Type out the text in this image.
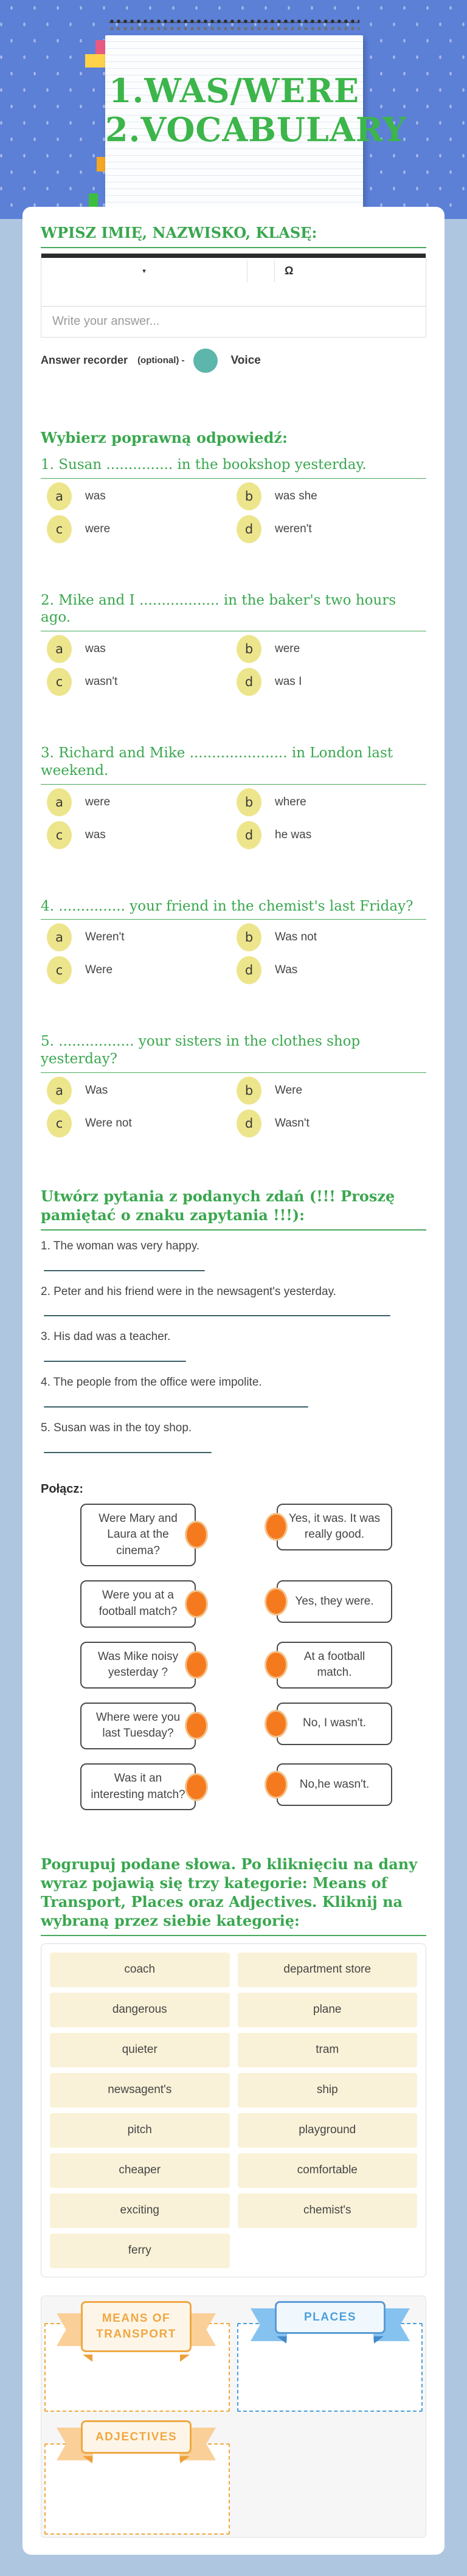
1.WAS/WERE
2.VOCABULARY
WPISZ IMIĘ, NAZWISKO, KLASĘ:
▾	Ω
Write your answer...
Answer recorder	(optional) -	Voice
Wybierz poprawną odpowiedź:
1. Susan ............... in the bookshop yesterday.
a	was	b	was she
c	were	d	weren't
2. Mike and I .................. in the baker's two hours ago.
a	was	b	were
c	wasn't	d	was I
3. Richard and Mike ...................... in London last weekend.
a	were	b	where
c	was	d	he was
4. ............... your friend in the chemist's last Friday?
a	Weren't	b	Was not
c	Were	d	Was
5. ................. your sisters in the clothes shop yesterday?
a	Was	b	Were
c	Were not	d	Wasn't
Utwórz pytania z podanych zdań (!!! Proszę pamiętać o znaku zapytania !!!):
1. The woman was very happy.
2. Peter and his friend were in the newsagent's yesterday.
3. His dad was a teacher.
4. The people from the office were impolite.
5. Susan was in the toy shop.
Połącz:
Were Mary and Laura at the cinema?
Yes, it was. It was really good.
Were you at a football match?
Yes, they were.
Was Mike noisy yesterday ?
At a football match.
Where were you last Tuesday?
No, I wasn't.
Was it an interesting match?
No,he wasn't.
Pogrupuj podane słowa. Po kliknięciu na dany wyraz pojawią się trzy kategorie: Means of Transport, Places oraz Adjectives. Kliknij na wybraną przez siebie kategorię:
coach	department store
dangerous	plane
quieter	tram
newsagent's	ship
pitch	playground
cheaper	comfortable
exciting	chemist's
ferry
MEANS OF TRANSPORT
PLACES
ADJECTIVES
